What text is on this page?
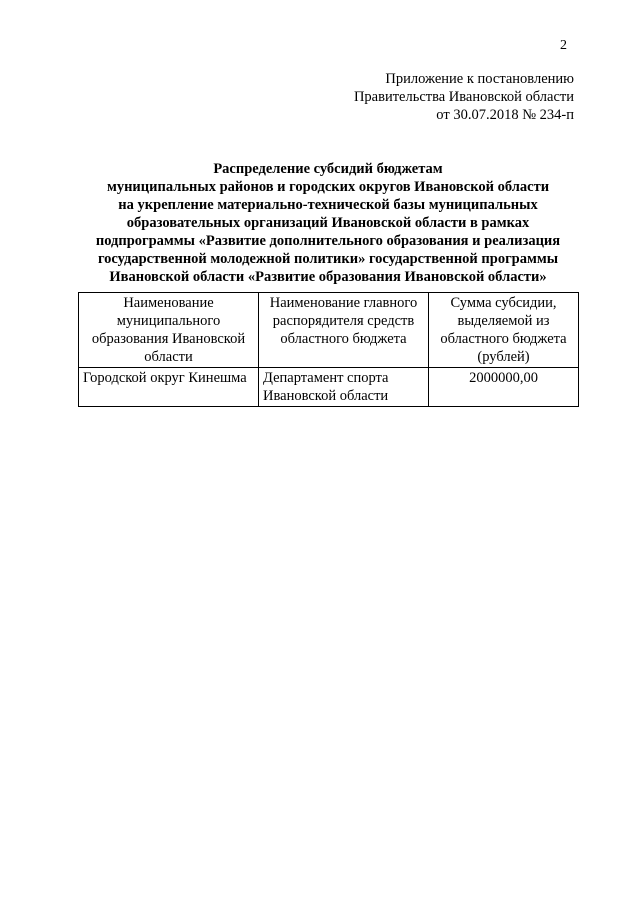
2
Приложение к постановлению
Правительства Ивановской области
от 30.07.2018 № 234-п
Распределение субсидий бюджетам
муниципальных районов и городских округов Ивановской области
на укрепление материально-технической базы муниципальных
образовательных организаций Ивановской области в рамках
подпрограммы «Развитие дополнительного образования и реализация
государственной молодежной политики» государственной программы
Ивановской области «Развитие образования Ивановской области»
Наименование муниципального образования Ивановской области	Наименование главного распорядителя средств областного бюджета	Сумма субсидии, выделяемой из областного бюджета (рублей)
Городской округ Кинешма	Департамент спорта Ивановской области	2000000,00
